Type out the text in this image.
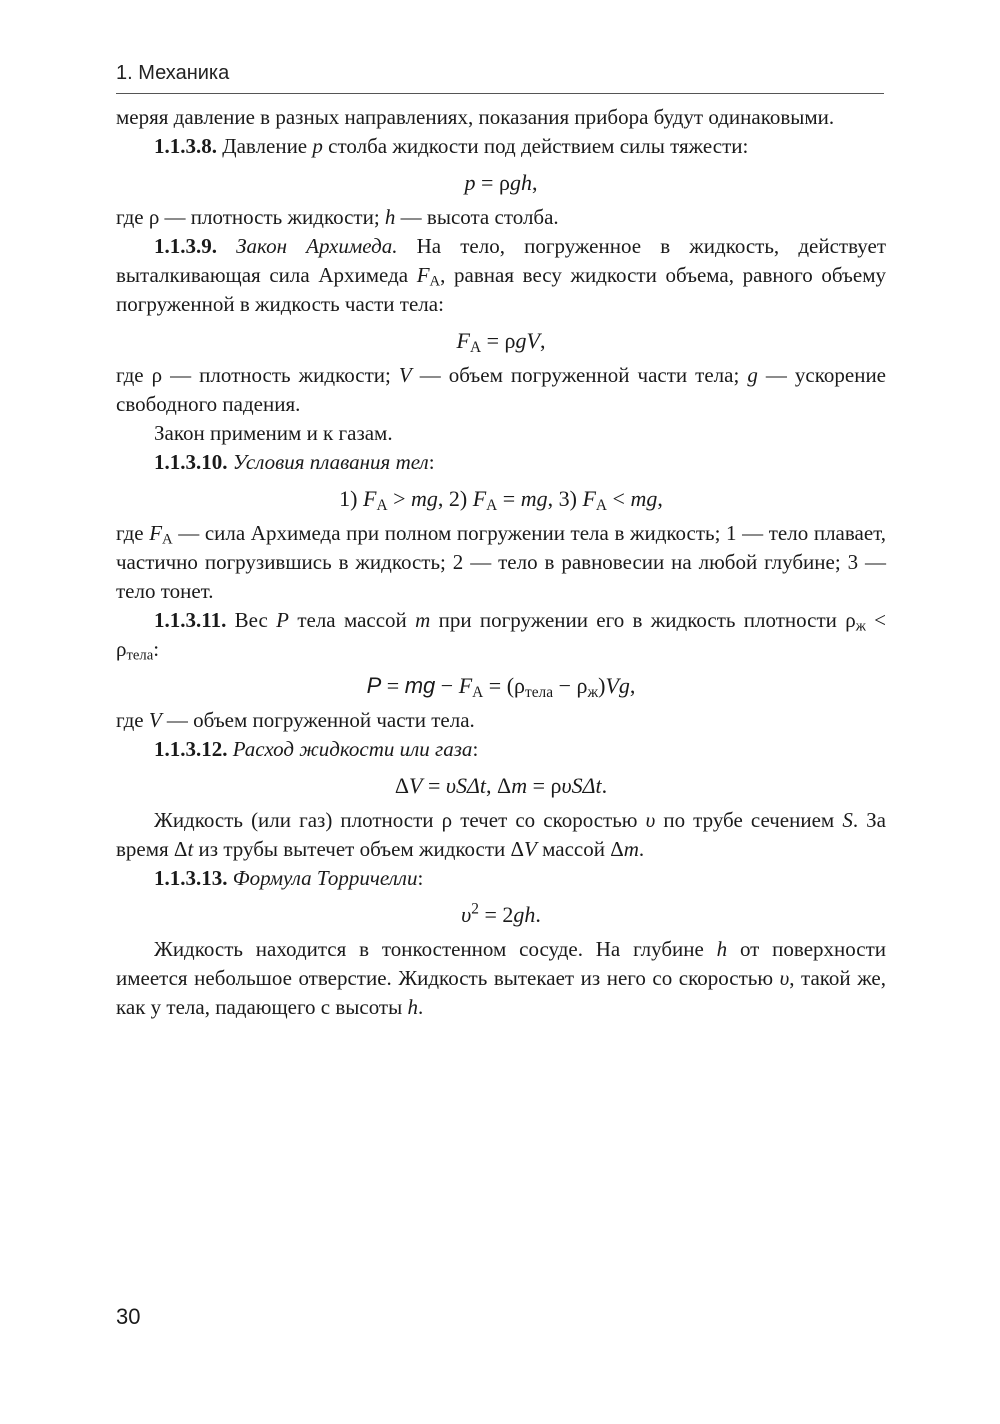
1. Механика

меряя давление в разных направлениях, показания прибора будут одинаковыми.

1.1.3.8. Давление p столба жидкости под действием силы тяжести:

p = ρgh,

где ρ — плотность жидкости; h — высота столба.

1.1.3.9. Закон Архимеда. На тело, погруженное в жидкость, действует выталкивающая сила Архимеда $F_A$, равная весу жидкости объема, равного объему погруженной в жидкость части тела:

$F_A = \rho gV$,

где ρ — плотность жидкости; V — объем погруженной части тела; g — ускорение свободного падения.

Закон применим и к газам.

1.1.3.10. Условия плавания тел:

1) $F_A$ > mg, 2) $F_A$ = mg, 3) $F_A$ < mg,

где $F_A$ — сила Архимеда при полном погружении тела в жидкость; 1 — тело плавает, частично погрузившись в жидкость; 2 — тело в равновесии на любой глубине; 3 — тело тонет.

1.1.3.11. Вес P тела массой m при погружении его в жидкость плотности $\rho_ж < \rho_{тела}$:

P = mg − $F_A = (\rho_{тела} - \rho_ж)Vg$,

где V — объем погруженной части тела.

1.1.3.12. Расход жидкости или газа:

ΔV = υSΔt, Δm = ρυSΔt.

Жидкость (или газ) плотности ρ течет со скоростью υ по трубе сечением S. За время Δt из трубы вытечет объем жидкости ΔV массой Δm.

1.1.3.13. Формула Торричелли:

$\upsilon^2 = 2gh$.

Жидкость находится в тонкостенном сосуде. На глубине h от поверхности имеется небольшое отверстие. Жидкость вытекает из него со скоростью υ, такой же, как у тела, падающего с высоты h.

30
